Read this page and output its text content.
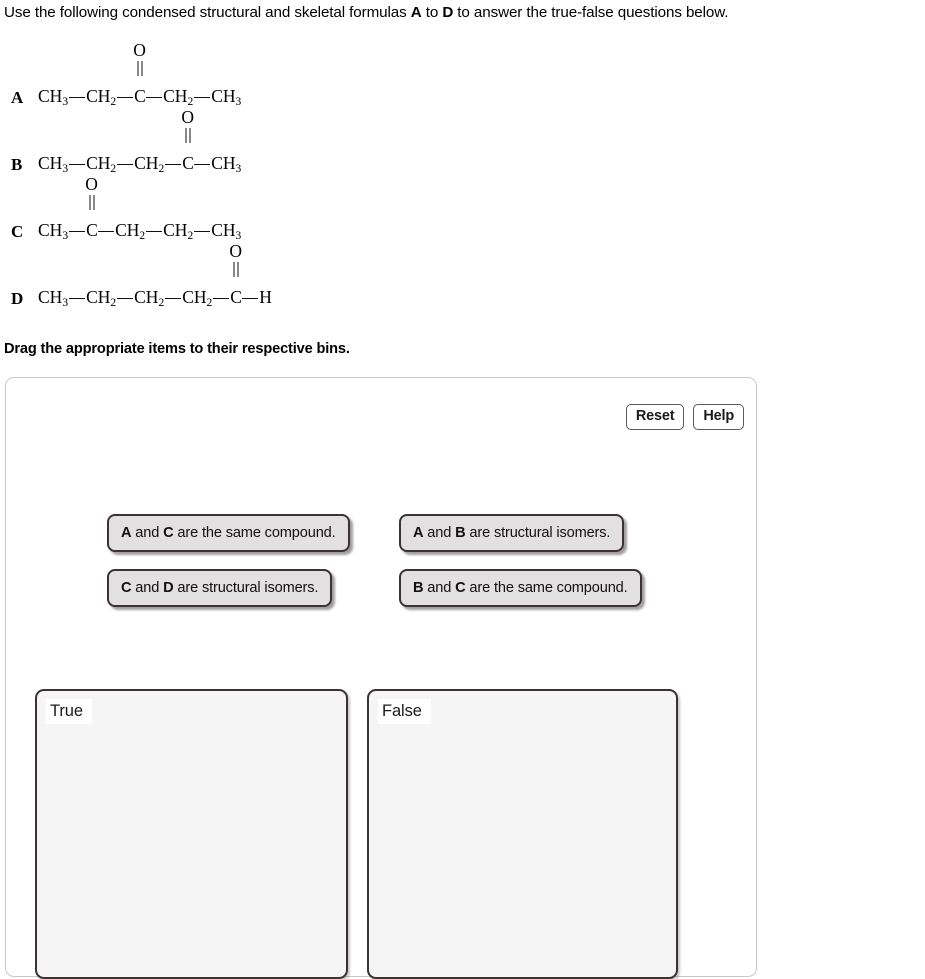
Use the following condensed structural and skeletal formulas A to D to answer the true-false questions below.
A $CH_3$ $CH_2$
O
C $CH_2$ $CH_3$
B $CH_3$ $CH_2$ $CH_2$
O
C $CH_3$
C $CH_3$
O
C $CH_2$ $CH_2$ $CH_3$
D $CH_3$ $CH_2$ $CH_2$ $CH_2$
O
C H
Drag the appropriate items to their respective bins.
Reset	Help
A and C are the same compound.	A and B are structural isomers.
C and D are structural isomers.	B and C are the same compound.
True	False
